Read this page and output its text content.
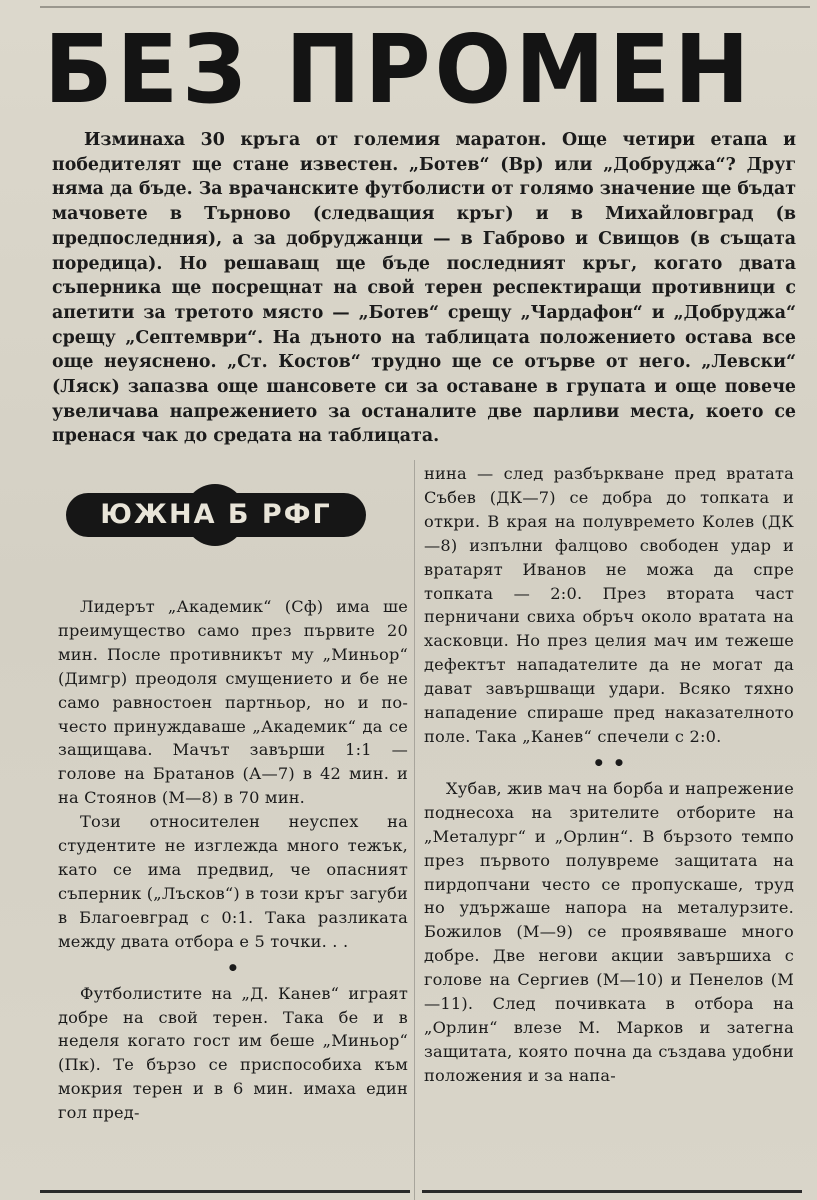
БЕЗ ПРОМЕН

Изминаха 30 кръга от големия маратон. Още четири етапа и победителят ще стане известен. „Ботев“ (Вр) или „Добруджа“? Друг няма да бъде. За врачанските футболисти от голямо значение ще бъдат мачовете в Търново (следващия кръг) и в Михайловград (в предпоследния), а за добруджанци — в Габрово и Свищов (в същата поредица). Но решаващ ще бъде последният кръг, когато двата съперника ще посрещнат на свой терен респектиращи противници с апетити за третото място — „Ботев“ срещу „Чардафон“ и „Добруджа“ срещу „Септември“. На дъното на таблицата положението остава все още неуяснено. „Ст. Костов“ трудно ще се отърве от него. „Левски“ (Ляск) запазва още шансовете си за оставане в групата и още повече увеличава напрежението за останалите две парливи места, което се пренася чак до средата на таблицата.

ЮЖНА Б РФГ

Лидерът „Академик“ (Сф) има ше преимущество само през първите 20 мин. После противникът му „Миньор“ (Димгр) преодоля смущението и бе не само равностоен партньор, но и по-често принуждаваше „Академик“ да се защищава. Мачът завърши 1:1 — голове на Братанов (А—7) в 42 мин. и на Стоянов (М—8) в 70 мин.

Този относителен неуспех на студентите не изглежда много тежък, като се има предвид, че опасният съперник („Лъсков“) в този кръг загуби в Благоевград с 0:1. Така разликата между двата отбора е 5 точки. . .

•

Футболистите на „Д. Канев“ играят добре на свой терен. Така бе и в неделя когато гост им беше „Миньор“ (Пк). Те бързо се приспособиха към мокрия терен и в 6 мин. имаха един гол пред-

нина — след разбъркване пред вратата Събев (ДК—7) се добра до топката и откри. В края на полувремето Колев (ДК—8) изпълни фалцово свободен удар и вратарят Иванов не можа да спре топката — 2:0. През втората част перничани свиха обръч около вратата на хасковци. Но през целия мач им тежеше дефектът нападателите да не могат да дават завършващи удари. Всяко тяхно нападение спираше пред наказателното поле. Така „Канев“ спечели с 2:0.

• •

Хубав, жив мач на борба и напрежение поднесоха на зрителите отборите на „Металург“ и „Орлин“. В бързото темпо през първото полувреме защитата на пирдопчани често се пропускаше, труд но удържаше напора на металурзите. Божилов (М—9) се проявяваше много добре. Две негови акции завършиха с голове на Сергиев (М—10) и Пенелов (М—11). След почивката в отбора на „Орлин“ влезе М. Марков и затегна защитата, която почна да създава удобни положения и за напа-
